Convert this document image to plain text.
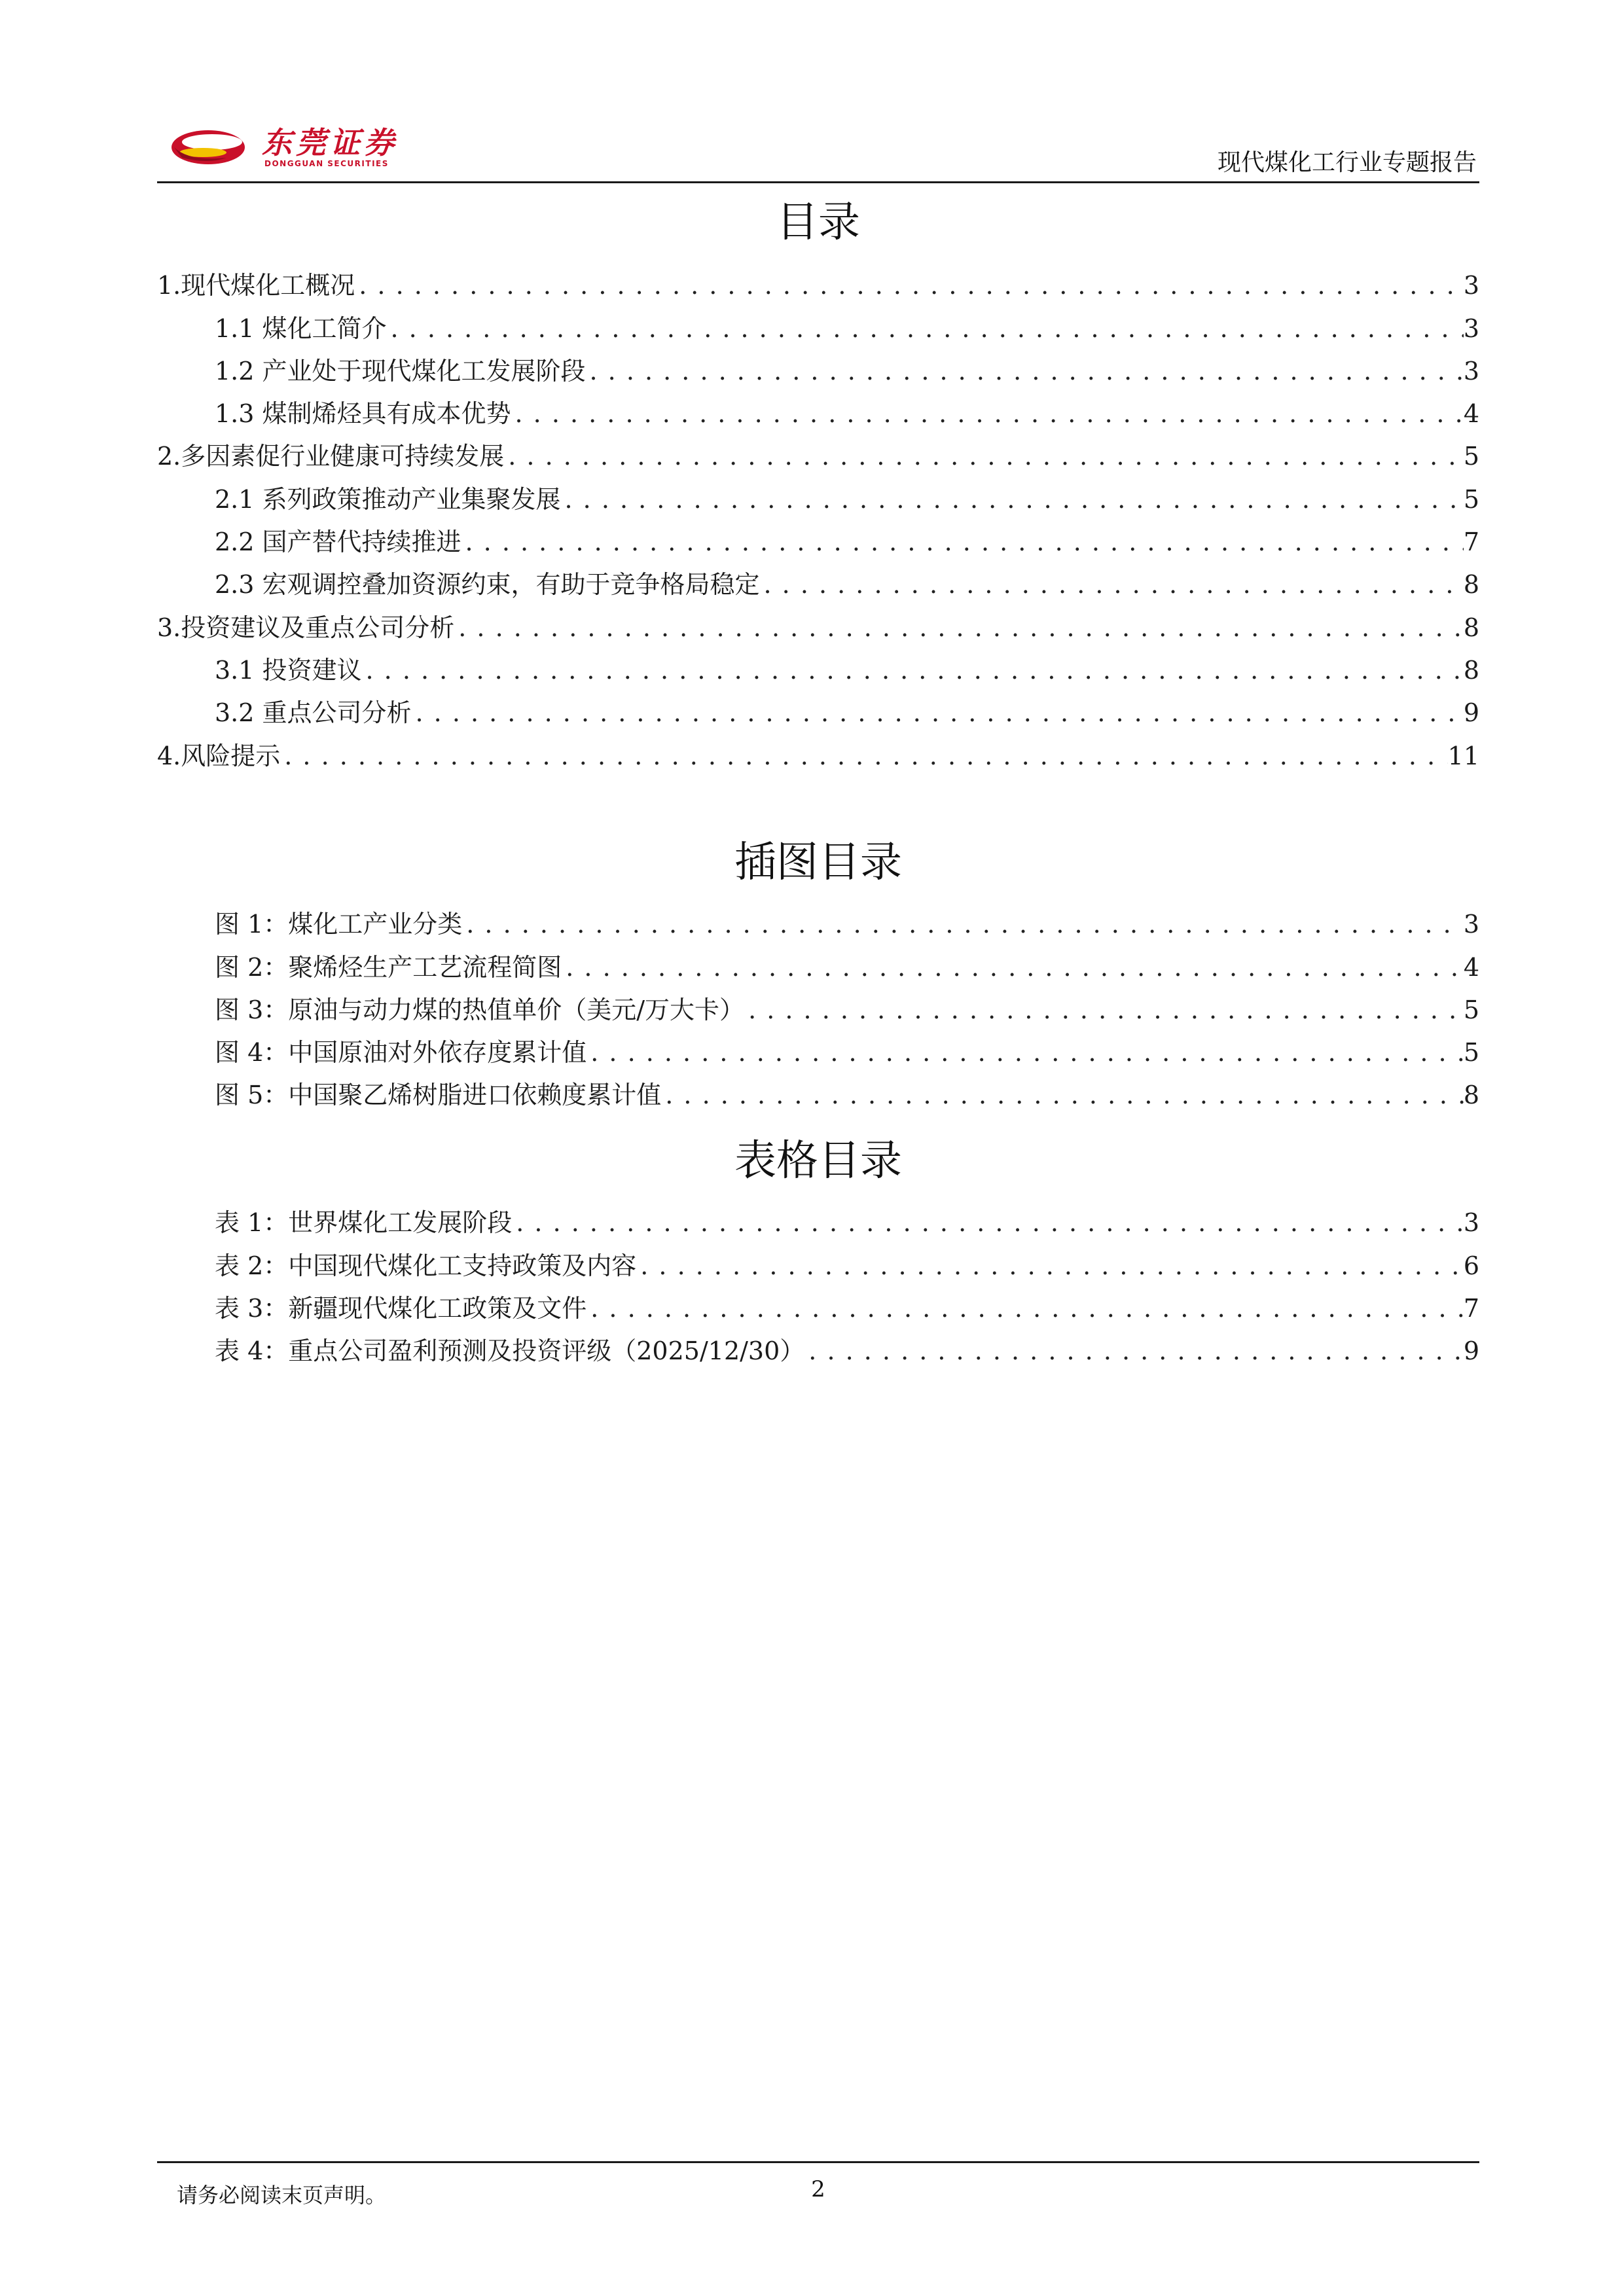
东莞证券
DONGGUAN SECURITIES	现代煤化工行业专题报告
目录
1.现代煤化工概况 . . .	3
1.1 煤化工简介 . . .	3
1.2 产业处于现代煤化工发展阶段 . . .	3
1.3 煤制烯烃具有成本优势 . . .	4
2.多因素促行业健康可持续发展 . . .	5
2.1 系列政策推动产业集聚发展 . . .	5
2.2 国产替代持续推进 . . .	7
2.3 宏观调控叠加资源约束，有助于竞争格局稳定 . . .	8
3.投资建议及重点公司分析 . . .	8
3.1 投资建议 . . .	8
3.2 重点公司分析 . . .	9
4.风险提示 . . .	11
插图目录
图 1：煤化工产业分类 . . .	3
图 2：聚烯烃生产工艺流程简图 . . .	4
图 3：原油与动力煤的热值单价（美元/万大卡） . . .	5
图 4：中国原油对外依存度累计值 . . .	5
图 5：中国聚乙烯树脂进口依赖度累计值 . . .	8
表格目录
表 1：世界煤化工发展阶段 . . .	3
表 2：中国现代煤化工支持政策及内容 . . .	6
表 3：新疆现代煤化工政策及文件 . . .	7
表 4：重点公司盈利预测及投资评级（2025/12/30） . . .	9
请务必阅读末页声明。	2
